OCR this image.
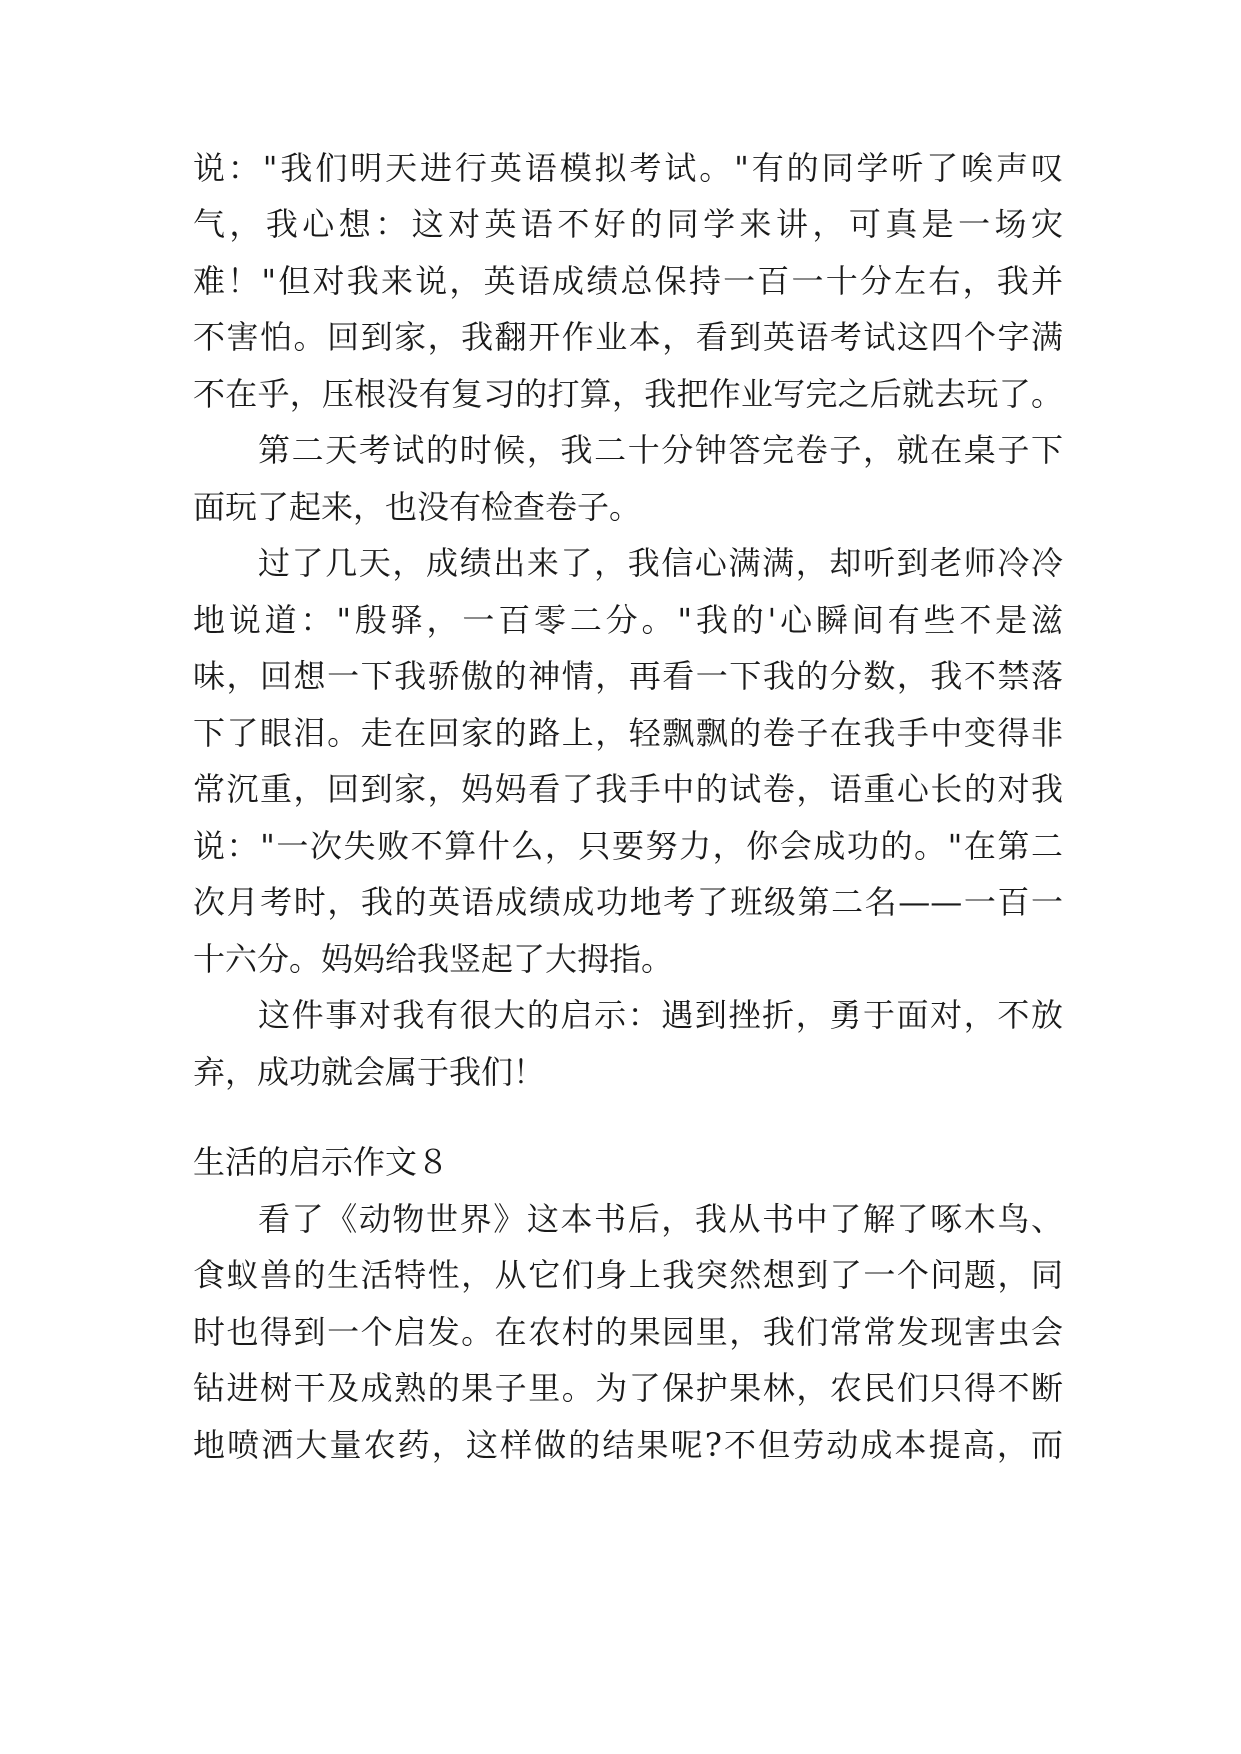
说："我们明天进行英语模拟考试。"有的同学听了唉声叹
气，我心想：这对英语不好的同学来讲，可真是一场灾
难！"但对我来说，英语成绩总保持一百一十分左右，我并
不害怕。回到家，我翻开作业本，看到英语考试这四个字满
不在乎，压根没有复习的打算，我把作业写完之后就去玩了。
第二天考试的时候，我二十分钟答完卷子，就在桌子下
面玩了起来，也没有检查卷子。
过了几天，成绩出来了，我信心满满，却听到老师冷冷
地说道："殷驿，一百零二分。"我的'心瞬间有些不是滋
味，回想一下我骄傲的神情，再看一下我的分数，我不禁落
下了眼泪。走在回家的路上，轻飘飘的卷子在我手中变得非
常沉重，回到家，妈妈看了我手中的试卷，语重心长的对我
说："一次失败不算什么，只要努力，你会成功的。"在第二
次月考时，我的英语成绩成功地考了班级第二名——一百一
十六分。妈妈给我竖起了大拇指。
这件事对我有很大的启示：遇到挫折，勇于面对，不放
弃，成功就会属于我们！
生活的启示作文８
看了《动物世界》这本书后，我从书中了解了啄木鸟、
食蚁兽的生活特性，从它们身上我突然想到了一个问题，同
时也得到一个启发。在农村的果园里，我们常常发现害虫会
钻进树干及成熟的果子里。为了保护果林，农民们只得不断
地喷洒大量农药，这样做的结果呢?不但劳动成本提高，而
